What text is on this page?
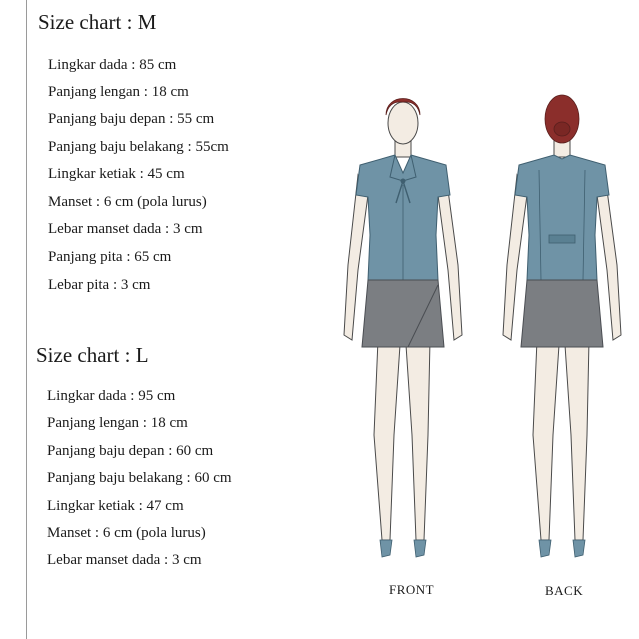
Size chart : M
Lingkar dada : 85 cm
Panjang lengan : 18 cm
Panjang baju depan : 55 cm
Panjang baju belakang : 55cm
Lingkar ketiak : 45 cm
Manset : 6 cm (pola lurus)
Lebar manset dada : 3 cm
Panjang pita : 65 cm
Lebar pita : 3 cm
Size chart : L
Lingkar dada : 95 cm
Panjang lengan : 18 cm
Panjang baju depan : 60 cm
Panjang baju belakang : 60 cm
Lingkar ketiak : 47 cm
Manset : 6 cm (pola lurus)
Lebar manset dada : 3 cm
FRONT	BACK
